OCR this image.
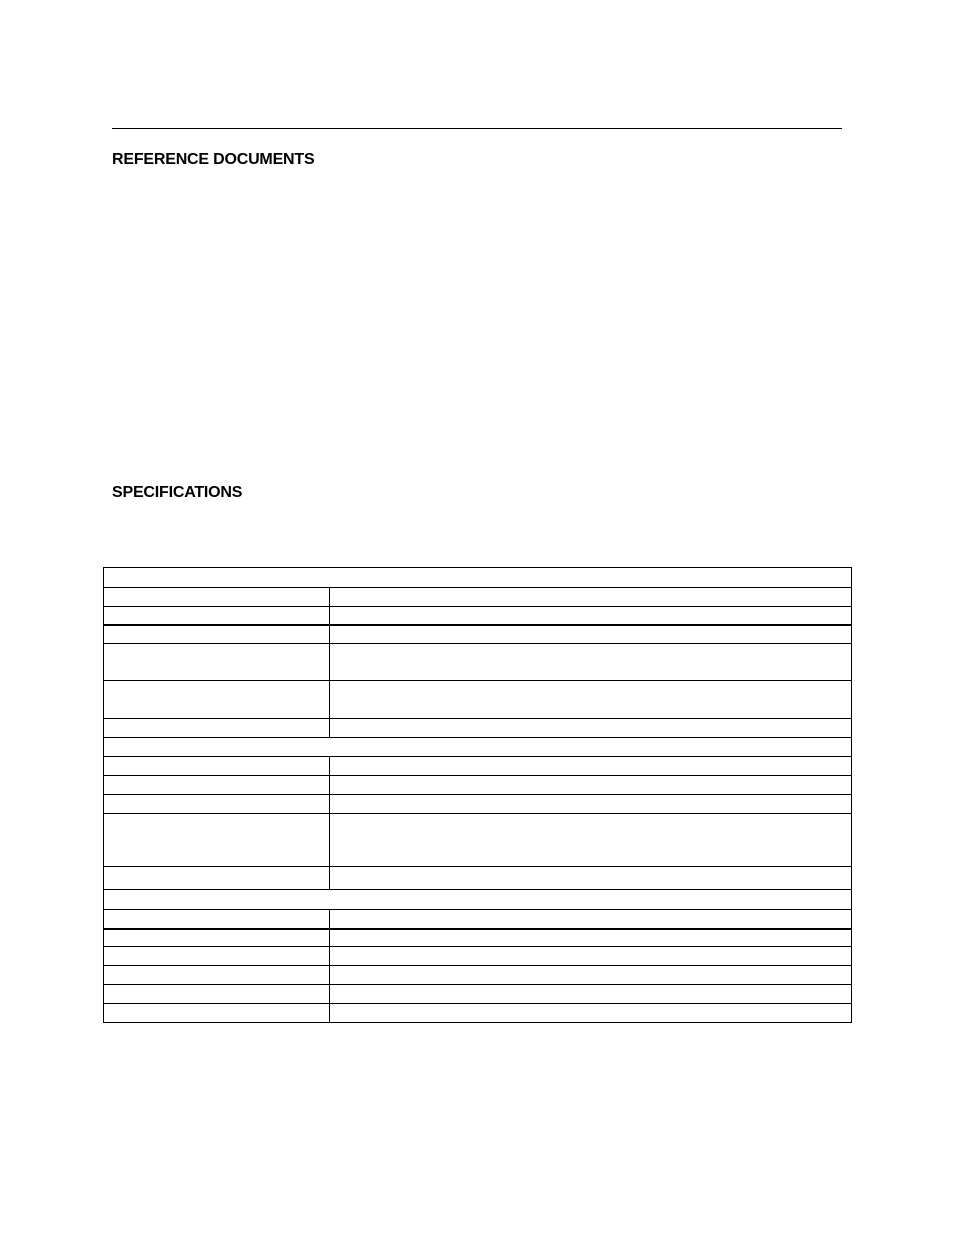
REFERENCE DOCUMENTS
SPECIFICATIONS
